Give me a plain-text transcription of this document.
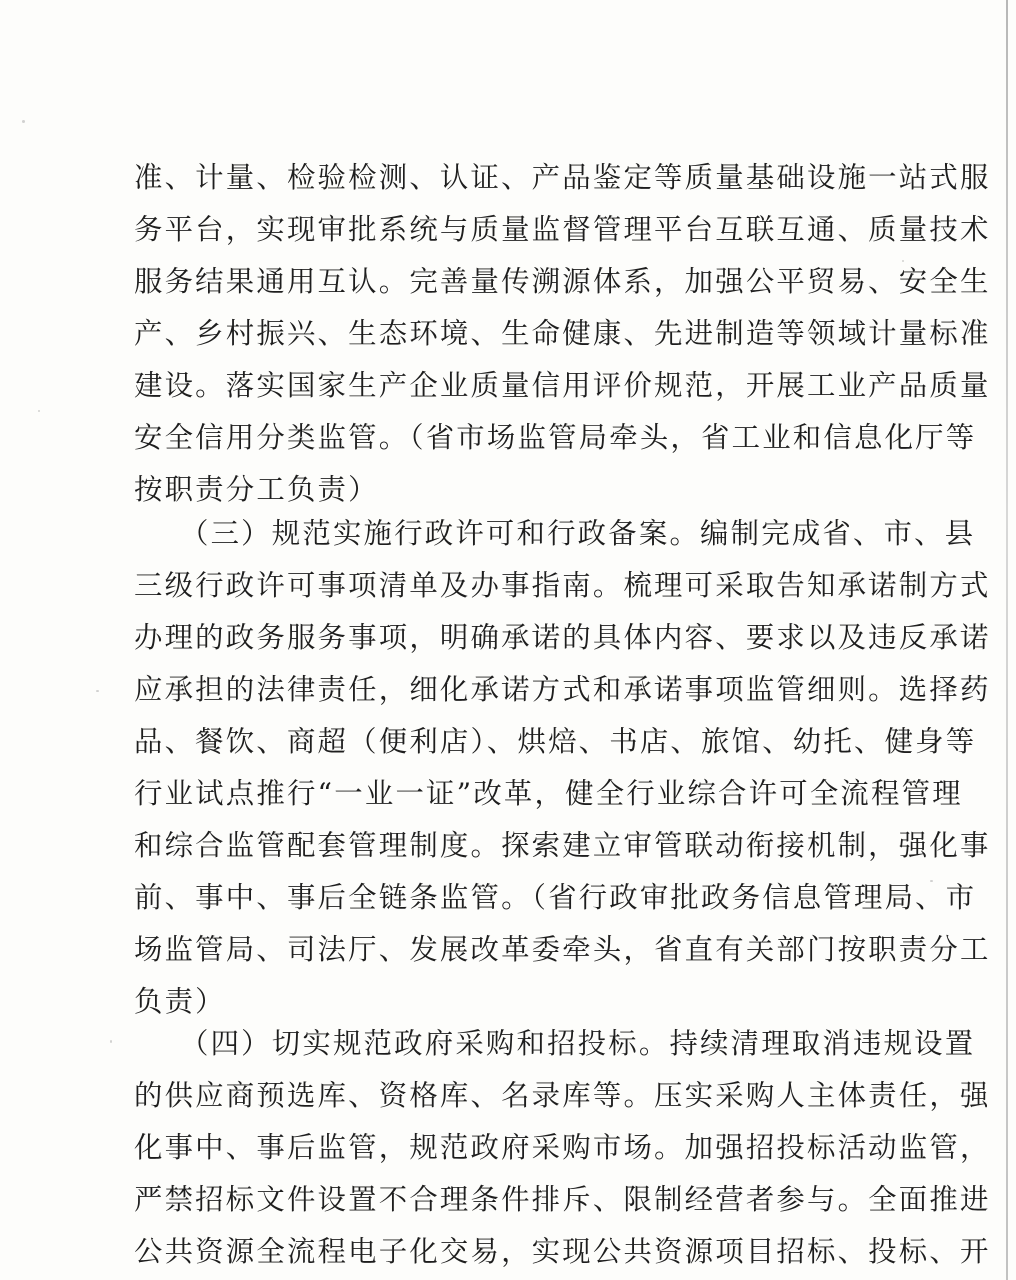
准、计量、检验检测、认证、产品鉴定等质量基础设施一站式服
务平台，实现审批系统与质量监督管理平台互联互通、质量技术
服务结果通用互认。完善量传溯源体系，加强公平贸易、安全生
产、乡村振兴、生态环境、生命健康、先进制造等领域计量标准
建设。落实国家生产企业质量信用评价规范，开展工业产品质量
安全信用分类监管。（省市场监管局牵头，省工业和信息化厅等
按职责分工负责）
（三）规范实施行政许可和行政备案。编制完成省、市、县
三级行政许可事项清单及办事指南。梳理可采取告知承诺制方式
办理的政务服务事项，明确承诺的具体内容、要求以及违反承诺
应承担的法律责任，细化承诺方式和承诺事项监管细则。选择药
品、餐饮、商超（便利店）、烘焙、书店、旅馆、幼托、健身等
行业试点推行“一业一证”改革，健全行业综合许可全流程管理
和综合监管配套管理制度。探索建立审管联动衔接机制，强化事
前、事中、事后全链条监管。（省行政审批政务信息管理局、市
场监管局、司法厅、发展改革委牵头，省直有关部门按职责分工
负责）
（四）切实规范政府采购和招投标。持续清理取消违规设置
的供应商预选库、资格库、名录库等。压实采购人主体责任，强
化事中、事后监管，规范政府采购市场。加强招投标活动监管，
严禁招标文件设置不合理条件排斥、限制经营者参与。全面推进
公共资源全流程电子化交易，实现公共资源项目招标、投标、开
